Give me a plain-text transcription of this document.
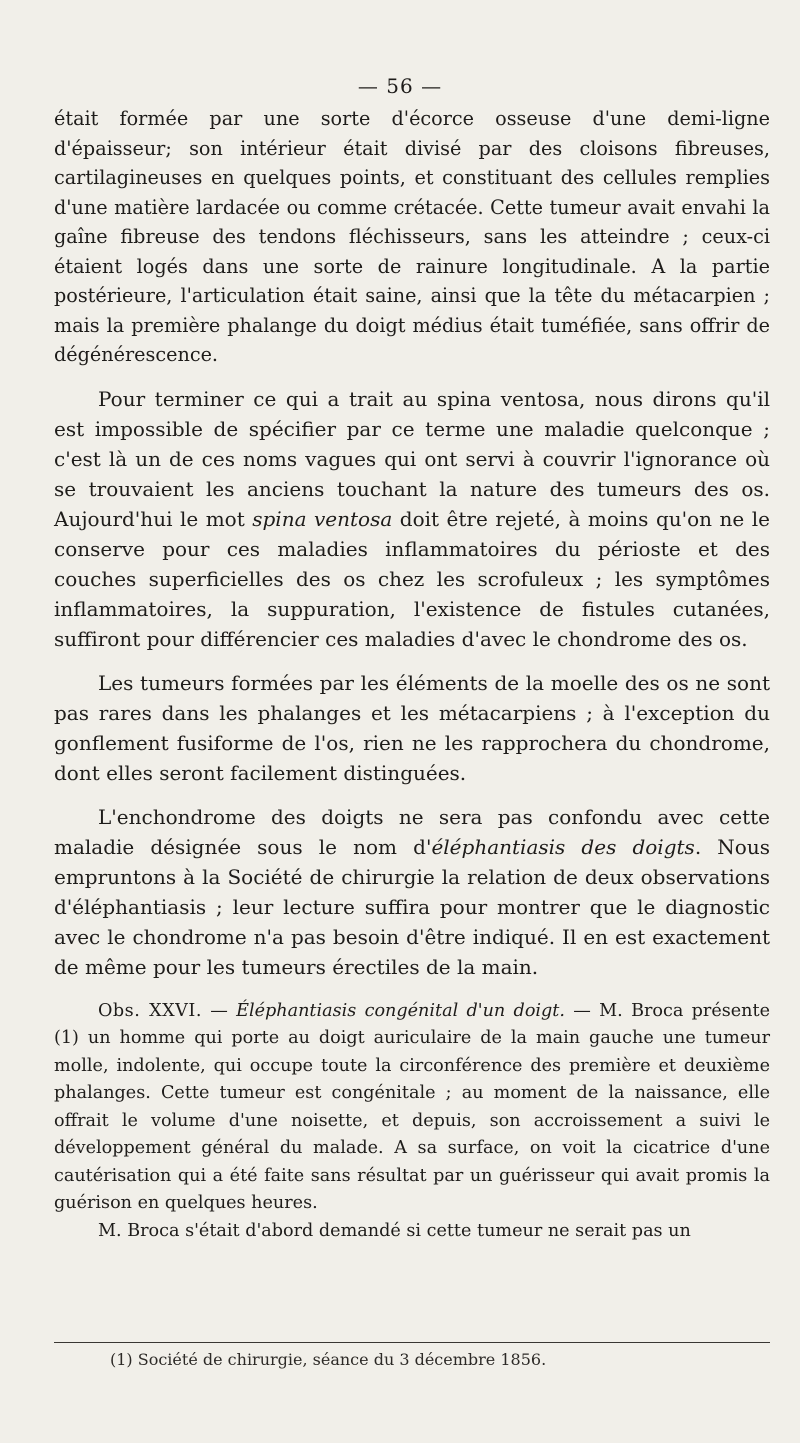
— 56 —

était formée par une sorte d'écorce osseuse d'une demi-ligne d'épaisseur; son intérieur était divisé par des cloisons fibreuses, cartilagineuses en quelques points, et constituant des cellules remplies d'une matière lardacée ou comme crétacée. Cette tumeur avait envahi la gaîne fibreuse des tendons fléchisseurs, sans les atteindre ; ceux-ci étaient logés dans une sorte de rainure longitudinale. A la partie postérieure, l'articulation était saine, ainsi que la tête du métacarpien ; mais la première phalange du doigt médius était tuméfiée, sans offrir de dégénérescence.

Pour terminer ce qui a trait au spina ventosa, nous dirons qu'il est impossible de spécifier par ce terme une maladie quelconque ; c'est là un de ces noms vagues qui ont servi à couvrir l'ignorance où se trouvaient les anciens touchant la nature des tumeurs des os. Aujourd'hui le mot spina ventosa doit être rejeté, à moins qu'on ne le conserve pour ces maladies inflammatoires du périoste et des couches superficielles des os chez les scrofuleux ; les symptômes inflammatoires, la suppuration, l'existence de fistules cutanées, suffiront pour différencier ces maladies d'avec le chondrome des os.

Les tumeurs formées par les éléments de la moelle des os ne sont pas rares dans les phalanges et les métacarpiens ; à l'exception du gonflement fusiforme de l'os, rien ne les rapprochera du chondrome, dont elles seront facilement distinguées.

L'enchondrome des doigts ne sera pas confondu avec cette maladie désignée sous le nom d'éléphantiasis des doigts. Nous empruntons à la Société de chirurgie la relation de deux observations d'éléphantiasis ; leur lecture suffira pour montrer que le diagnostic avec le chondrome n'a pas besoin d'être indiqué. Il en est exactement de même pour les tumeurs érectiles de la main.

Obs. XXVI. — Éléphantiasis congénital d'un doigt. — M. Broca présente (1) un homme qui porte au doigt auriculaire de la main gauche une tumeur molle, indolente, qui occupe toute la circonférence des première et deuxième phalanges. Cette tumeur est congénitale ; au moment de la naissance, elle offrait le volume d'une noisette, et depuis, son accroissement a suivi le développement général du malade. A sa surface, on voit la cicatrice d'une cautérisation qui a été faite sans résultat par un guérisseur qui avait promis la guérison en quelques heures.

M. Broca s'était d'abord demandé si cette tumeur ne serait pas un

(1) Société de chirurgie, séance du 3 décembre 1856.
